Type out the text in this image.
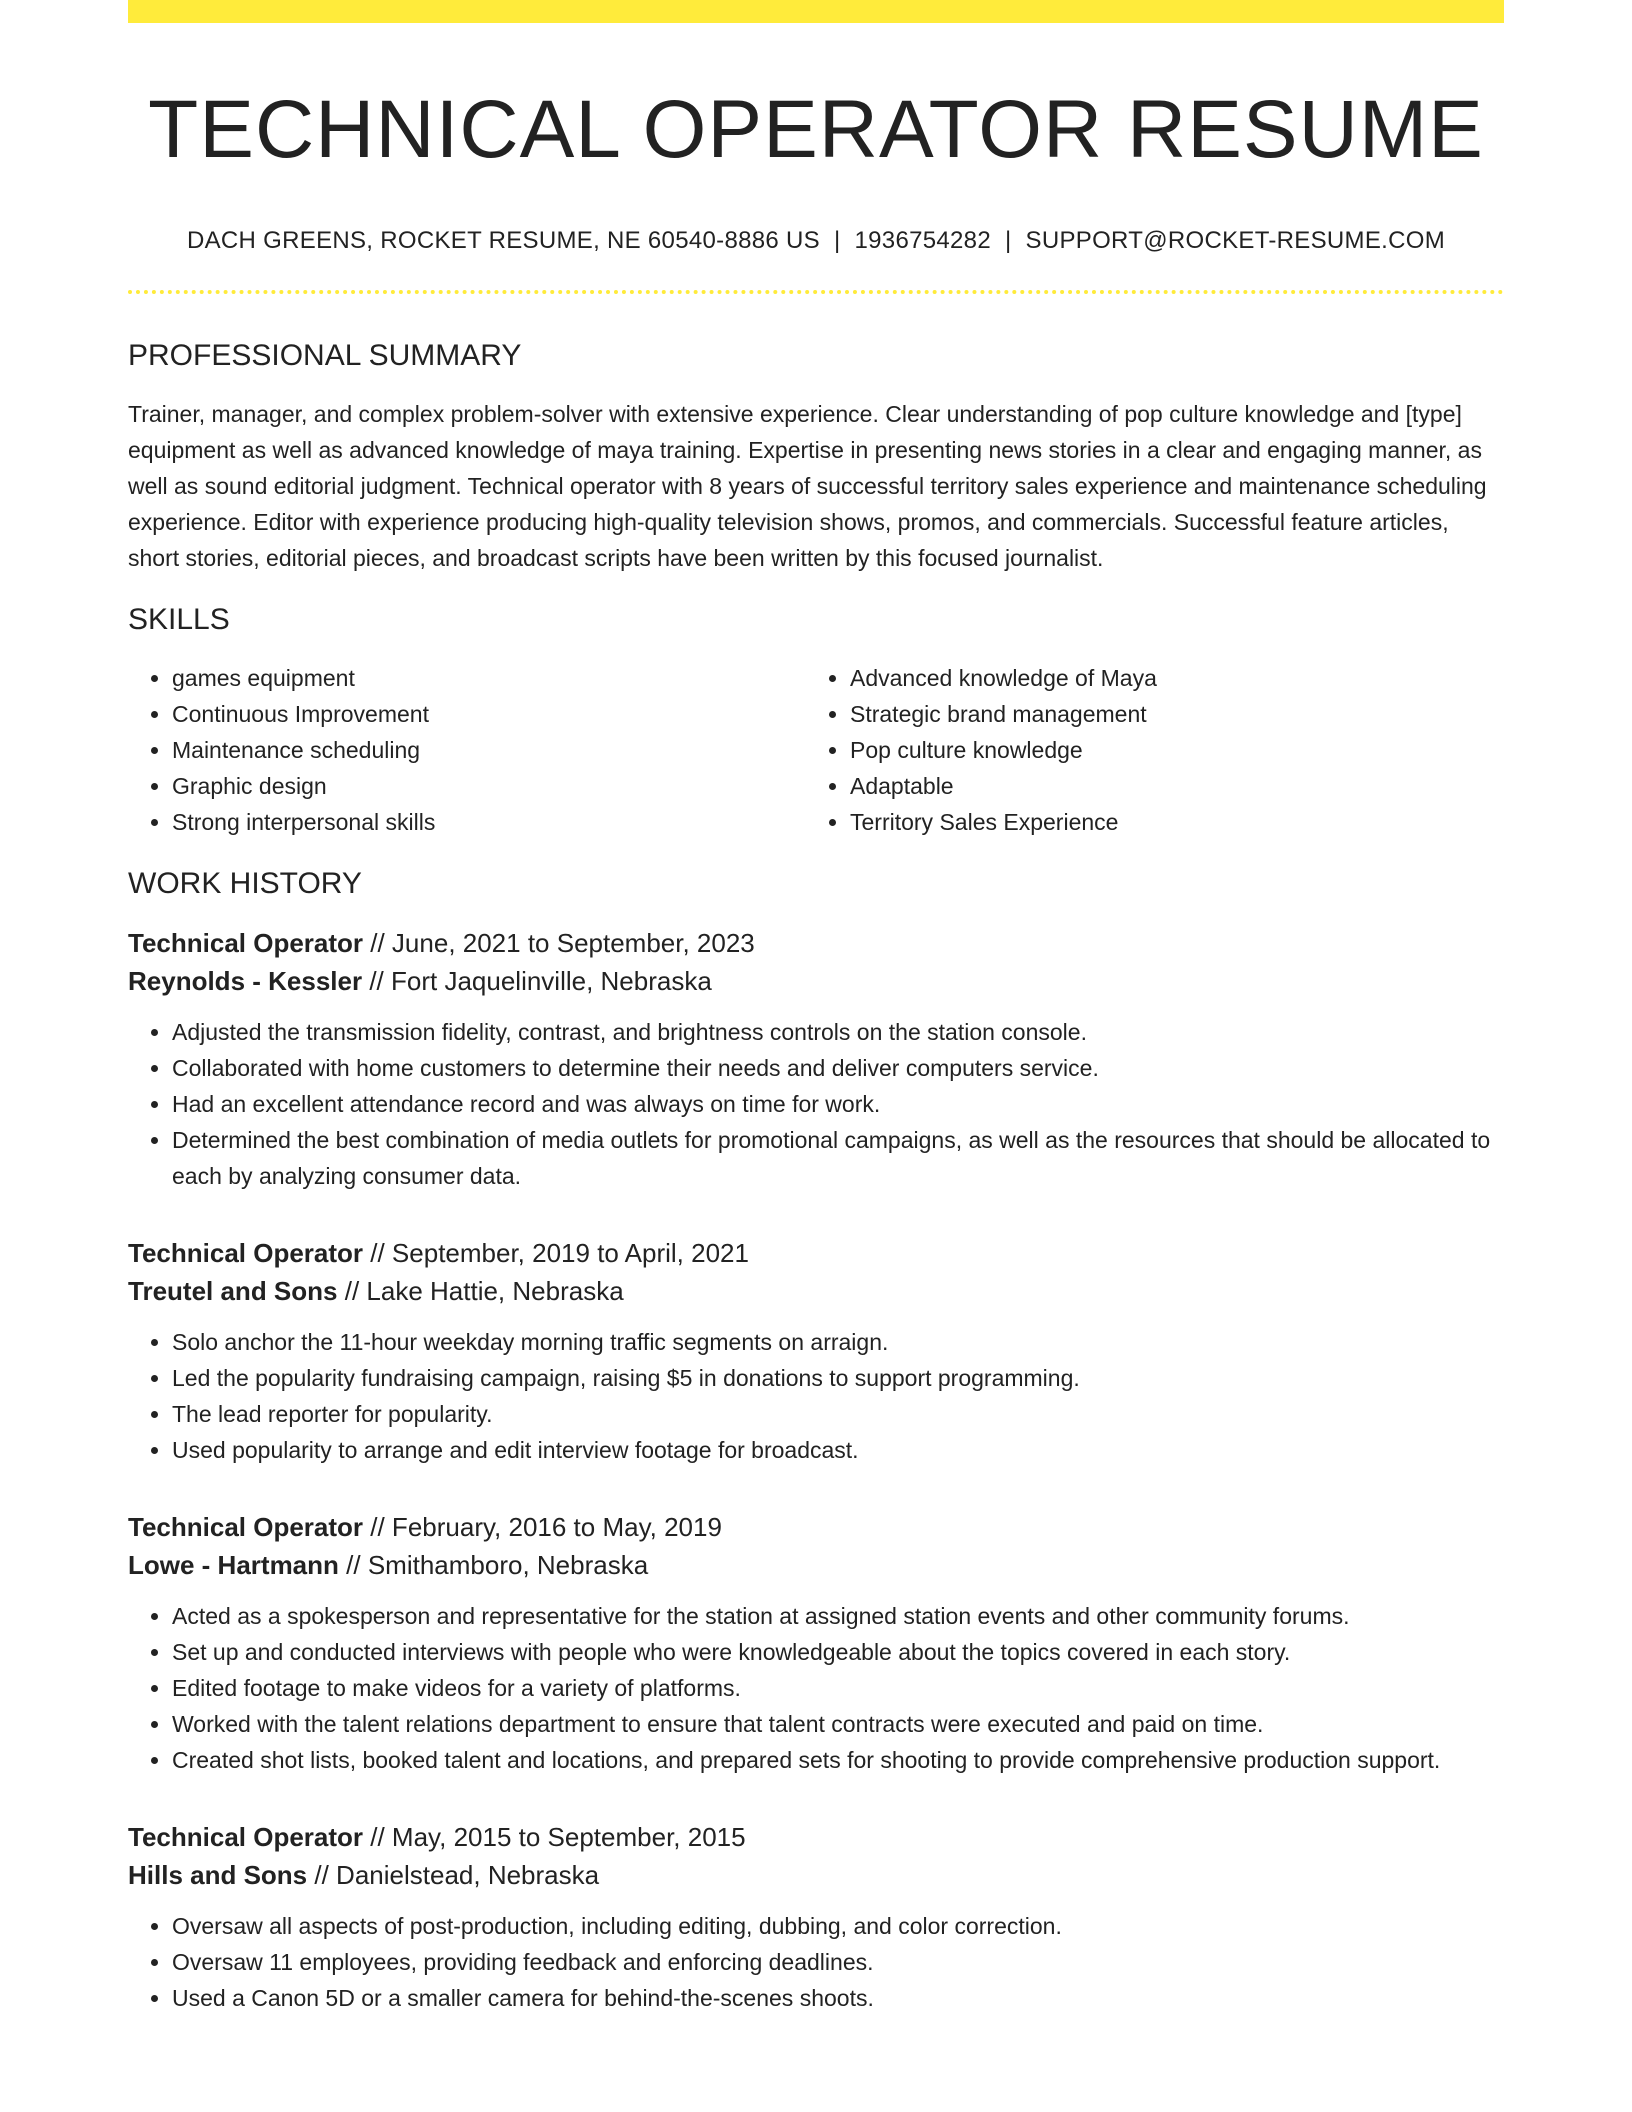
TECHNICAL OPERATOR RESUME
DACH GREENS, ROCKET RESUME, NE 60540-8886 US | 1936754282 | SUPPORT@ROCKET-RESUME.COM
PROFESSIONAL SUMMARY

Trainer, manager, and complex problem-solver with extensive experience. Clear understanding of pop culture knowledge and [type] equipment as well as advanced knowledge of maya training. Expertise in presenting news stories in a clear and engaging manner, as well as sound editorial judgment. Technical operator with 8 years of successful territory sales experience and maintenance scheduling experience. Editor with experience producing high-quality television shows, promos, and commercials. Successful feature articles, short stories, editorial pieces, and broadcast scripts have been written by this focused journalist.

SKILLS
• games equipment
• Continuous Improvement
• Maintenance scheduling
• Graphic design
• Strong interpersonal skills
• Advanced knowledge of Maya
• Strategic brand management
• Pop culture knowledge
• Adaptable
• Territory Sales Experience
WORK HISTORY
Technical Operator // June, 2021 to September, 2023
Reynolds - Kessler // Fort Jaquelinville, Nebraska
• Adjusted the transmission fidelity, contrast, and brightness controls on the station console.
• Collaborated with home customers to determine their needs and deliver computers service.
• Had an excellent attendance record and was always on time for work.
• Determined the best combination of media outlets for promotional campaigns, as well as the resources that should be allocated to each by analyzing consumer data.
Technical Operator // September, 2019 to April, 2021
Treutel and Sons // Lake Hattie, Nebraska
• Solo anchor the 11-hour weekday morning traffic segments on arraign.
• Led the popularity fundraising campaign, raising $5 in donations to support programming.
• The lead reporter for popularity.
• Used popularity to arrange and edit interview footage for broadcast.
Technical Operator // February, 2016 to May, 2019
Lowe - Hartmann // Smithamboro, Nebraska
• Acted as a spokesperson and representative for the station at assigned station events and other community forums.
• Set up and conducted interviews with people who were knowledgeable about the topics covered in each story.
• Edited footage to make videos for a variety of platforms.
• Worked with the talent relations department to ensure that talent contracts were executed and paid on time.
• Created shot lists, booked talent and locations, and prepared sets for shooting to provide comprehensive production support.
Technical Operator // May, 2015 to September, 2015
Hills and Sons // Danielstead, Nebraska
• Oversaw all aspects of post-production, including editing, dubbing, and color correction.
• Oversaw 11 employees, providing feedback and enforcing deadlines.
• Used a Canon 5D or a smaller camera for behind-the-scenes shoots.
